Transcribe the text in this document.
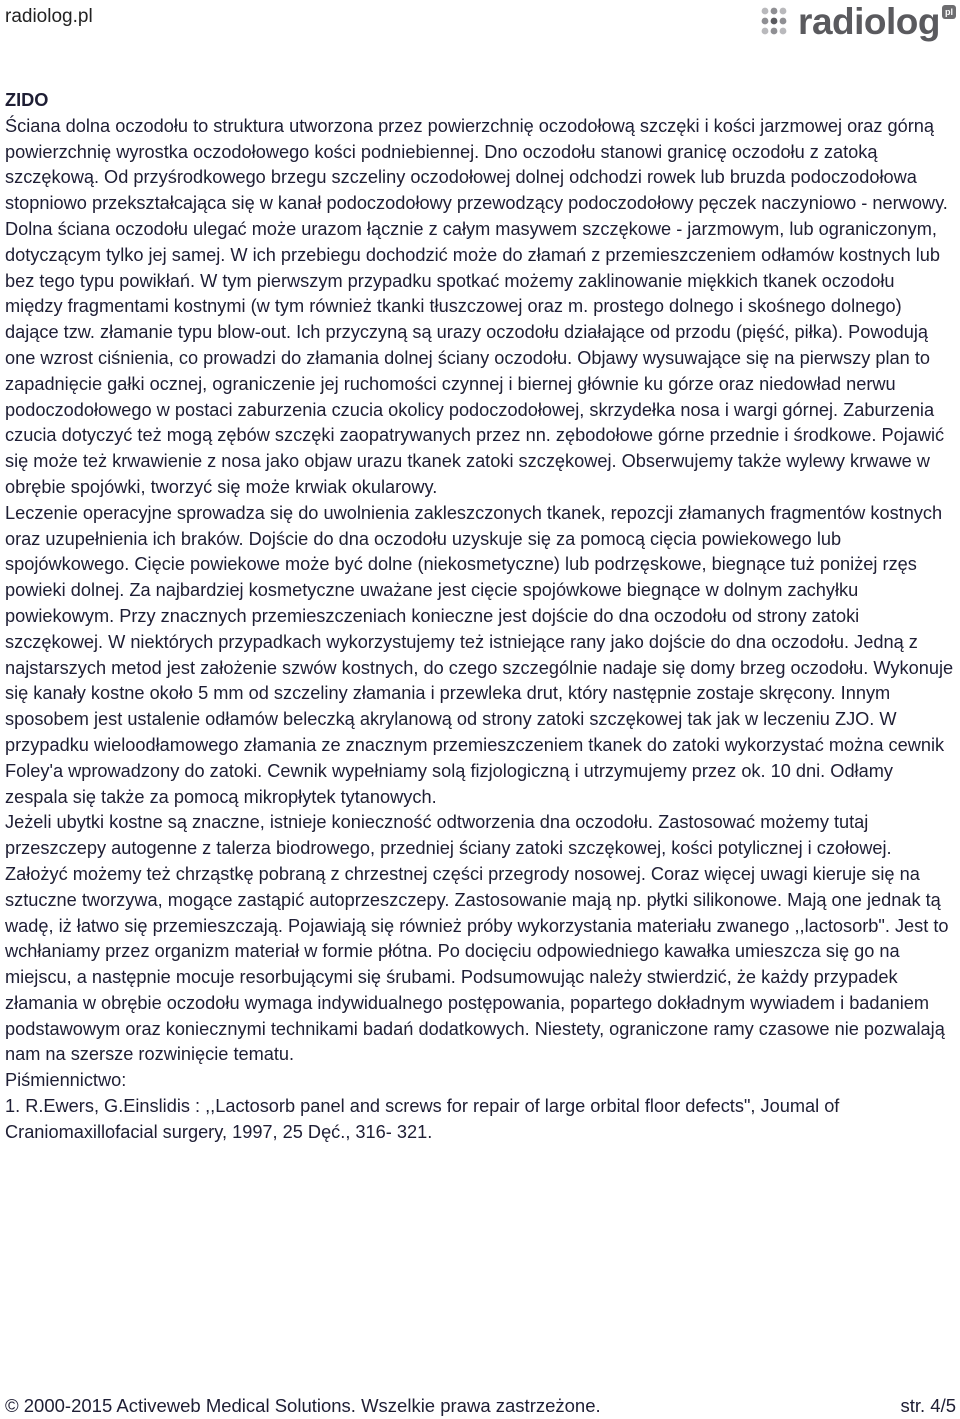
radiolog.pl	radiolog pl
ZIDO

Ściana dolna oczodołu to struktura utworzona przez powierzchnię oczodołową szczęki i kości jarzmowej oraz górną powierzchnię wyrostka oczodołowego kości podniebiennej. Dno oczodołu stanowi granicę oczodołu z zatoką szczękową. Od przyśrodkowego brzegu szczeliny oczodołowej dolnej odchodzi rowek lub bruzda podoczodołowa stopniowo przekształcająca się w kanał podoczodołowy przewodzący podoczodołowy pęczek naczyniowo - nerwowy. Dolna ściana oczodołu ulegać może urazom łącznie z całym masywem szczękowe - jarzmowym, lub ograniczonym, dotyczącym tylko jej samej. W ich przebiegu dochodzić może do złamań z przemieszczeniem odłamów kostnych lub bez tego typu powikłań. W tym pierwszym przypadku spotkać możemy zaklinowanie miękkich tkanek oczodołu między fragmentami kostnymi (w tym również tkanki tłuszczowej oraz m. prostego dolnego i skośnego dolnego) dające tzw. złamanie typu blow-out. Ich przyczyną są urazy oczodołu działające od przodu (pięść, piłka). Powodują one wzrost ciśnienia, co prowadzi do złamania dolnej ściany oczodołu. Objawy wysuwające się na pierwszy plan to zapadnięcie gałki ocznej, ograniczenie jej ruchomości czynnej i biernej głównie ku górze oraz niedowład nerwu podoczodołowego w postaci zaburzenia czucia okolicy podoczodołowej, skrzydełka nosa i wargi górnej. Zaburzenia czucia dotyczyć też mogą zębów szczęki zaopatrywanych przez nn. zębodołowe górne przednie i środkowe. Pojawić się może też krwawienie z nosa jako objaw urazu tkanek zatoki szczękowej. Obserwujemy także wylewy krwawe w obrębie spojówki, tworzyć się może krwiak okularowy.

Leczenie operacyjne sprowadza się do uwolnienia zakleszczonych tkanek, repozcji złamanych fragmentów kostnych oraz uzupełnienia ich braków. Dojście do dna oczodołu uzyskuje się za pomocą cięcia powiekowego lub spojówkowego. Cięcie powiekowe może być dolne (niekosmetyczne) lub podrzęskowe, biegnące tuż poniżej rzęs powieki dolnej. Za najbardziej kosmetyczne uważane jest cięcie spojówkowe biegnące w dolnym zachyłku powiekowym. Przy znacznych przemieszczeniach konieczne jest dojście do dna oczodołu od strony zatoki szczękowej. W niektórych przypadkach wykorzystujemy też istniejące rany jako dojście do dna oczodołu. Jedną z najstarszych metod jest założenie szwów kostnych, do czego szczególnie nadaje się domy brzeg oczodołu. Wykonuje się kanały kostne około 5 mm od szczeliny złamania i przewleka drut, który następnie zostaje skręcony. Innym sposobem jest ustalenie odłamów beleczką akrylanową od strony zatoki szczękowej tak jak w leczeniu ZJO. W przypadku wieloodłamowego złamania ze znacznym przemieszczeniem tkanek do zatoki wykorzystać można cewnik Foley'a wprowadzony do zatoki. Cewnik wypełniamy solą fizjologiczną i utrzymujemy przez ok. 10 dni. Odłamy zespala się także za pomocą mikropłytek tytanowych.

Jeżeli ubytki kostne są znaczne, istnieje konieczność odtworzenia dna oczodołu. Zastosować możemy tutaj przeszczepy autogenne z talerza biodrowego, przedniej ściany zatoki szczękowej, kości potylicznej i czołowej. Założyć możemy też chrząstkę pobraną z chrzestnej części przegrody nosowej. Coraz więcej uwagi kieruje się na sztuczne tworzywa, mogące zastąpić autoprzeszczepy. Zastosowanie mają np. płytki silikonowe. Mają one jednak tą wadę, iż łatwo się przemieszczają. Pojawiają się również próby wykorzystania materiału zwanego ,,lactosorb". Jest to wchłaniamy przez organizm materiał w formie płótna. Po docięciu odpowiedniego kawałka umieszcza się go na miejscu, a następnie mocuje resorbującymi się śrubami. Podsumowując należy stwierdzić, że każdy przypadek złamania w obrębie oczodołu wymaga indywidualnego postępowania, popartego dokładnym wywiadem i badaniem podstawowym oraz koniecznymi technikami badań dodatkowych. Niestety, ograniczone ramy czasowe nie pozwalają nam na szersze rozwinięcie tematu.

Piśmiennictwo:

1. R.Ewers, G.Einslidis : ,,Lactosorb panel and screws for repair of large orbital floor defects", Joumal of Craniomaxillofacial surgery, 1997, 25 Dęć., 316- 321.

© 2000-2015 Activeweb Medical Solutions. Wszelkie prawa zastrzeżone.	str. 4/5
